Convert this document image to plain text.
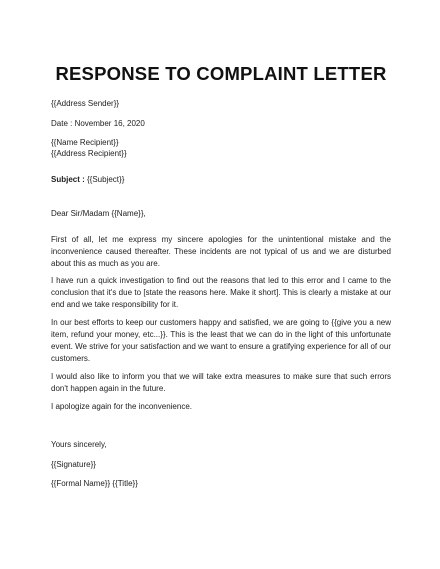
RESPONSE TO COMPLAINT LETTER

{{Address Sender}}

Date : November 16, 2020

{{Name Recipient}}

{{Address Recipient}}

Subject : {{Subject}}

Dear Sir/Madam {{Name}},

First of all, let me express my sincere apologies for the unintentional mistake and the inconvenience caused thereafter. These incidents are not typical of us and we are disturbed about this as much as you are.

I have run a quick investigation to find out the reasons that led to this error and I came to the conclusion that it's due to [state the reasons here. Make it short]. This is clearly a mistake at our end and we take responsibility for it.

In our best efforts to keep our customers happy and satisfied, we are going to {{give you a new item, refund your money, etc...}}. This is the least that we can do in the light of this unfortunate event. We strive for your satisfaction and we want to ensure a gratifying experience for all of our customers.

I would also like to inform you that we will take extra measures to make sure that such errors don't happen again in the future.

I apologize again for the inconvenience.

Yours sincerely,

{{Signature}}

{{Formal Name}} {{Title}}
